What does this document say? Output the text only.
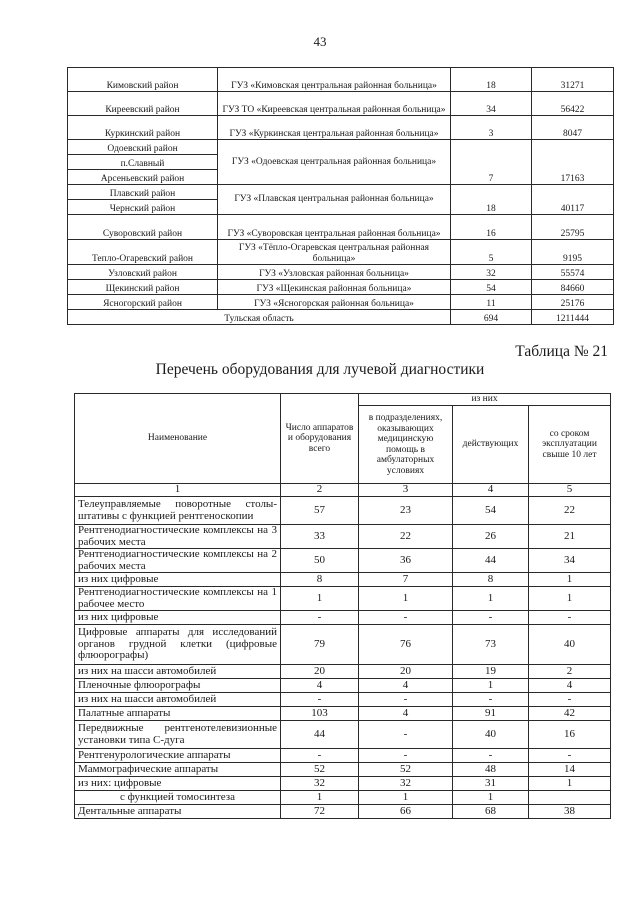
43
Кимовский район	ГУЗ «Кимовская центральная районная больница»	18	31271
Киреевский район	ГУЗ ТО «Киреевская центральная районная больница»	34	56422
Куркинский район	ГУЗ «Куркинская центральная районная больница»	3	8047
Одоевский район	ГУЗ «Одоевская центральная районная больница»	7	17163
п.Славный			
Арсеньевский район			
Плавский район	ГУЗ «Плавская центральная районная больница»	18	40117
Чернский район			
Суворовский район	ГУЗ «Суворовская центральная районная больница»	16	25795
Тепло-Огаревский район	ГУЗ «Тёпло-Огаревская центральная районная больница»	5	9195
Узловский район	ГУЗ «Узловская районная больница»	32	55574
Щекинский район	ГУЗ «Щекинская районная больница»	54	84660
Ясногорский район	ГУЗ «Ясногорская районная больница»	11	25176
Тульская область		694	1211444
Таблица № 21
Перечень оборудования для лучевой диагностики
Наименование	Число аппаратов и оборудования всего	из них		
		в подразделениях, оказывающих медицинскую помощь в амбулаторных условиях	действующих	со сроком эксплуатации свыше 10 лет
1	2	3	4	5
Телеуправляемые поворотные столы-штативы с функцией рентгеноскопии	57	23	54	22
Рентгенодиагностические комплексы на 3 рабочих места	33	22	26	21
Рентгенодиагностические комплексы на 2 рабочих места	50	36	44	34
из них цифровые	8	7	8	1
Рентгенодиагностические комплексы на 1 рабочее место	1	1	1	1
из них цифровые	-	-	-	-
Цифровые аппараты для исследований органов грудной клетки (цифровые флюорографы)	79	76	73	40
из них на шасси автомобилей	20	20	19	2
Пленочные флюорографы	4	4	1	4
из них на шасси автомобилей	-	-	-	-
Палатные аппараты	103	4	91	42
Передвижные рентгенотелевизионные установки типа С-дуга	44	-	40	16
Рентгенурологические аппараты	-	-	-	-
Маммографические аппараты	52	52	48	14
из них: цифровые	32	32	31	1
с функцией томосинтеза	1	1	1	
Дентальные аппараты	72	66	68	38
